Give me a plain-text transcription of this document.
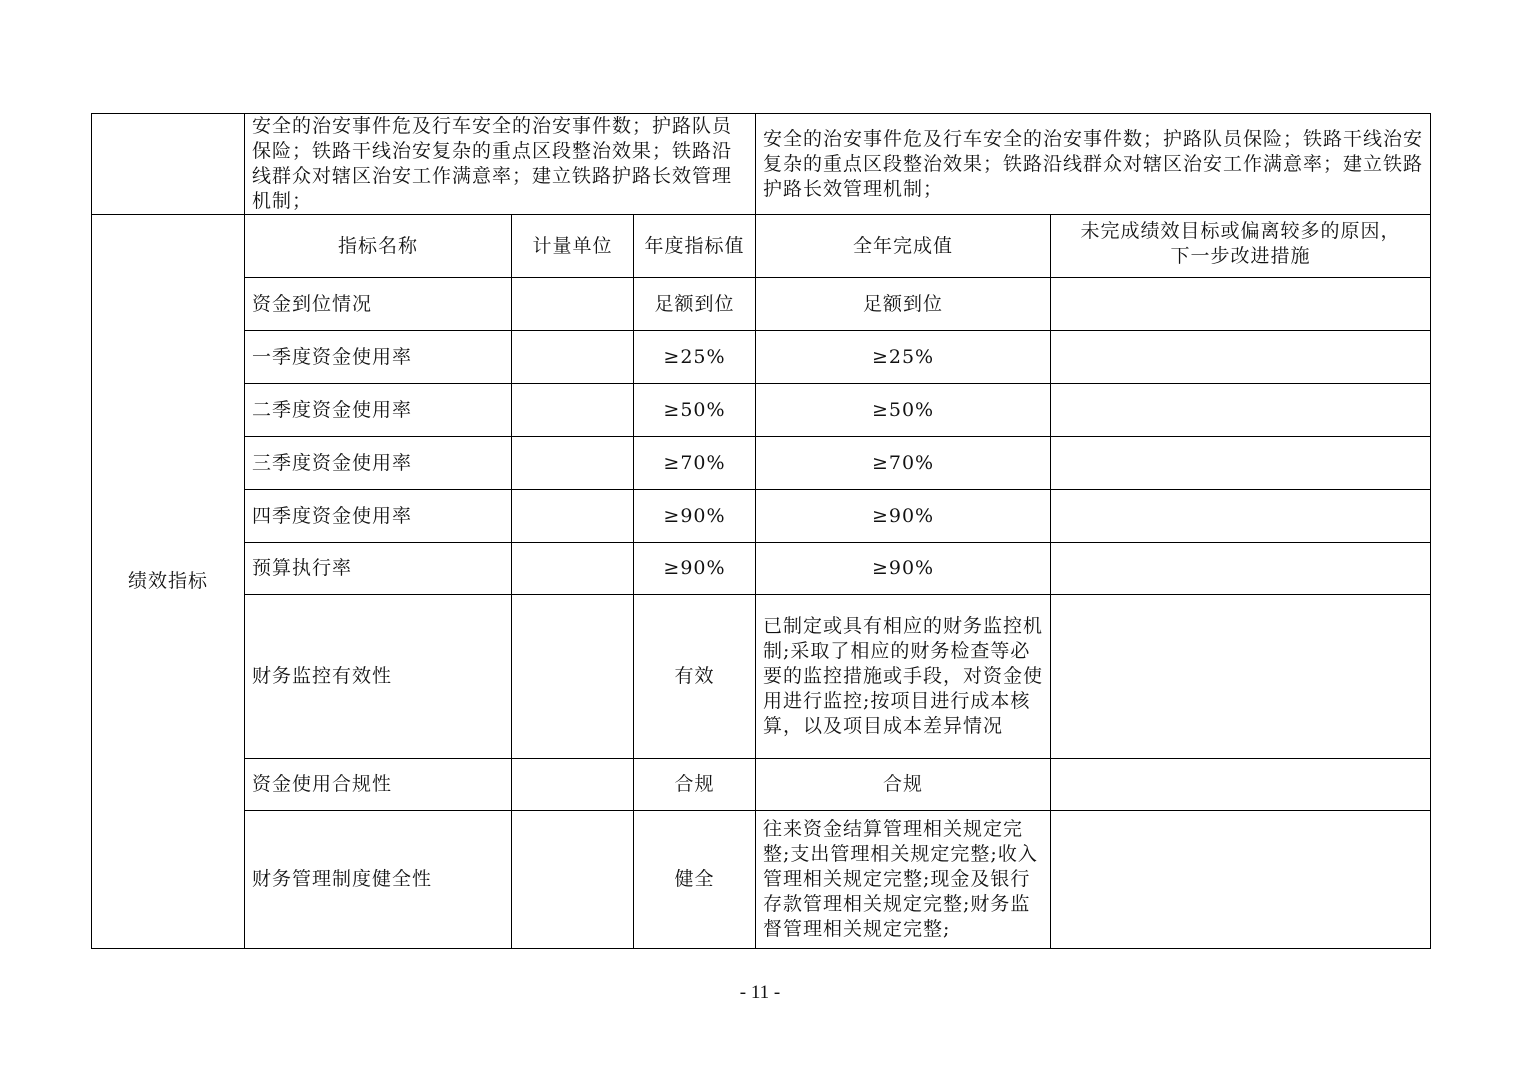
	安全的治安事件危及行车安全的治安事件数；护路队员保险；铁路干线治安复杂的重点区段整治效果；铁路沿线群众对辖区治安工作满意率；建立铁路护路长效管理机制；			安全的治安事件危及行车安全的治安事件数；护路队员保险；铁路干线治安复杂的重点区段整治效果；铁路沿线群众对辖区治安工作满意率；建立铁路护路长效管理机制；	
绩效指标	指标名称	计量单位	年度指标值	全年完成值	未完成绩效目标或偏离较多的原因，
下一步改进措施

	资金到位情况		足额到位	足额到位	
	一季度资金使用率		≥25%	≥25%	
	二季度资金使用率		≥50%	≥50%	
	三季度资金使用率		≥70%	≥70%	
	四季度资金使用率		≥90%	≥90%	
	预算执行率		≥90%	≥90%	
	财务监控有效性		有效	已制定或具有相应的财务监控机制;采取了相应的财务检查等必要的监控措施或手段，对资金使用进行监控;按项目进行成本核算，以及项目成本差异情况	
	资金使用合规性		合规	合规	
	财务管理制度健全性		健全	往来资金结算管理相关规定完整;支出管理相关规定完整;收入管理相关规定完整;现金及银行存款管理相关规定完整;财务监督管理相关规定完整;	
- 11 -
